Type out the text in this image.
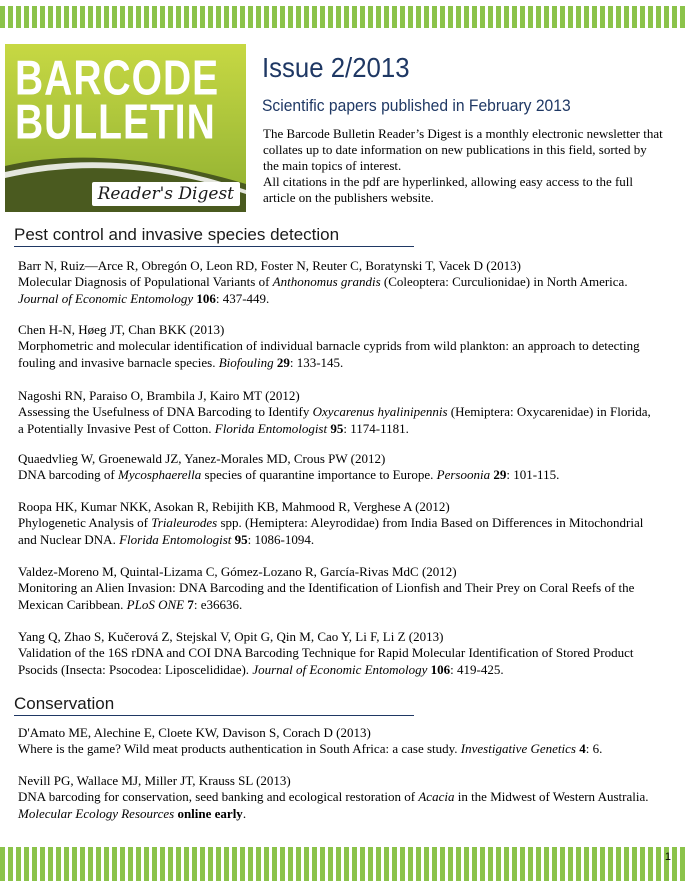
BARCODE
BULLETIN
Reader's Digest
Issue 2/2013
Scientific papers published in February 2013
The Barcode Bulletin Reader’s Digest is a monthly electronic newsletter that collates up to date information on new publications in this field, sorted by the main topics of interest.
All citations in the pdf are hyperlinked, allowing easy access to the full article on the publishers website.
Pest control and invasive species detection

Barr N, Ruiz—Arce R, Obregón O, Leon RD, Foster N, Reuter C, Boratynski T, Vacek D (2013)

Molecular Diagnosis of Populational Variants of Anthonomus grandis (Coleoptera: Curculionidae) in North America. Journal of Economic Entomology 106: 437-449.

Chen H-N, Høeg JT, Chan BKK (2013)

Morphometric and molecular identification of individual barnacle cyprids from wild plankton: an approach to detecting fouling and invasive barnacle species. Biofouling 29: 133-145.

Nagoshi RN, Paraiso O, Brambila J, Kairo MT (2012)

Assessing the Usefulness of DNA Barcoding to Identify Oxycarenus hyalinipennis (Hemiptera: Oxycarenidae) in Florida, a Potentially Invasive Pest of Cotton. Florida Entomologist 95: 1174-1181.

Quaedvlieg W, Groenewald JZ, Yanez-Morales MD, Crous PW (2012)

DNA barcoding of Mycosphaerella species of quarantine importance to Europe. Persoonia 29: 101-115.

Roopa HK, Kumar NKK, Asokan R, Rebijith KB, Mahmood R, Verghese A (2012)

Phylogenetic Analysis of Trialeurodes spp. (Hemiptera: Aleyrodidae) from India Based on Differences in Mitochondrial and Nuclear DNA. Florida Entomologist 95: 1086-1094.

Valdez-Moreno M, Quintal-Lizama C, Gómez-Lozano R, García-Rivas MdC (2012)

Monitoring an Alien Invasion: DNA Barcoding and the Identification of Lionfish and Their Prey on Coral Reefs of the Mexican Caribbean. PLoS ONE 7: e36636.

Yang Q, Zhao S, Kučerová Z, Stejskal V, Opit G, Qin M, Cao Y, Li F, Li Z (2013)

Validation of the 16S rDNA and COI DNA Barcoding Technique for Rapid Molecular Identification of Stored Product Psocids (Insecta: Psocodea: Liposcelididae). Journal of Economic Entomology 106: 419-425.

Conservation

D'Amato ME, Alechine E, Cloete KW, Davison S, Corach D (2013)

Where is the game? Wild meat products authentication in South Africa: a case study. Investigative Genetics 4: 6.

Nevill PG, Wallace MJ, Miller JT, Krauss SL (2013)

DNA barcoding for conservation, seed banking and ecological restoration of Acacia in the Midwest of Western Australia. Molecular Ecology Resources online early.

1
